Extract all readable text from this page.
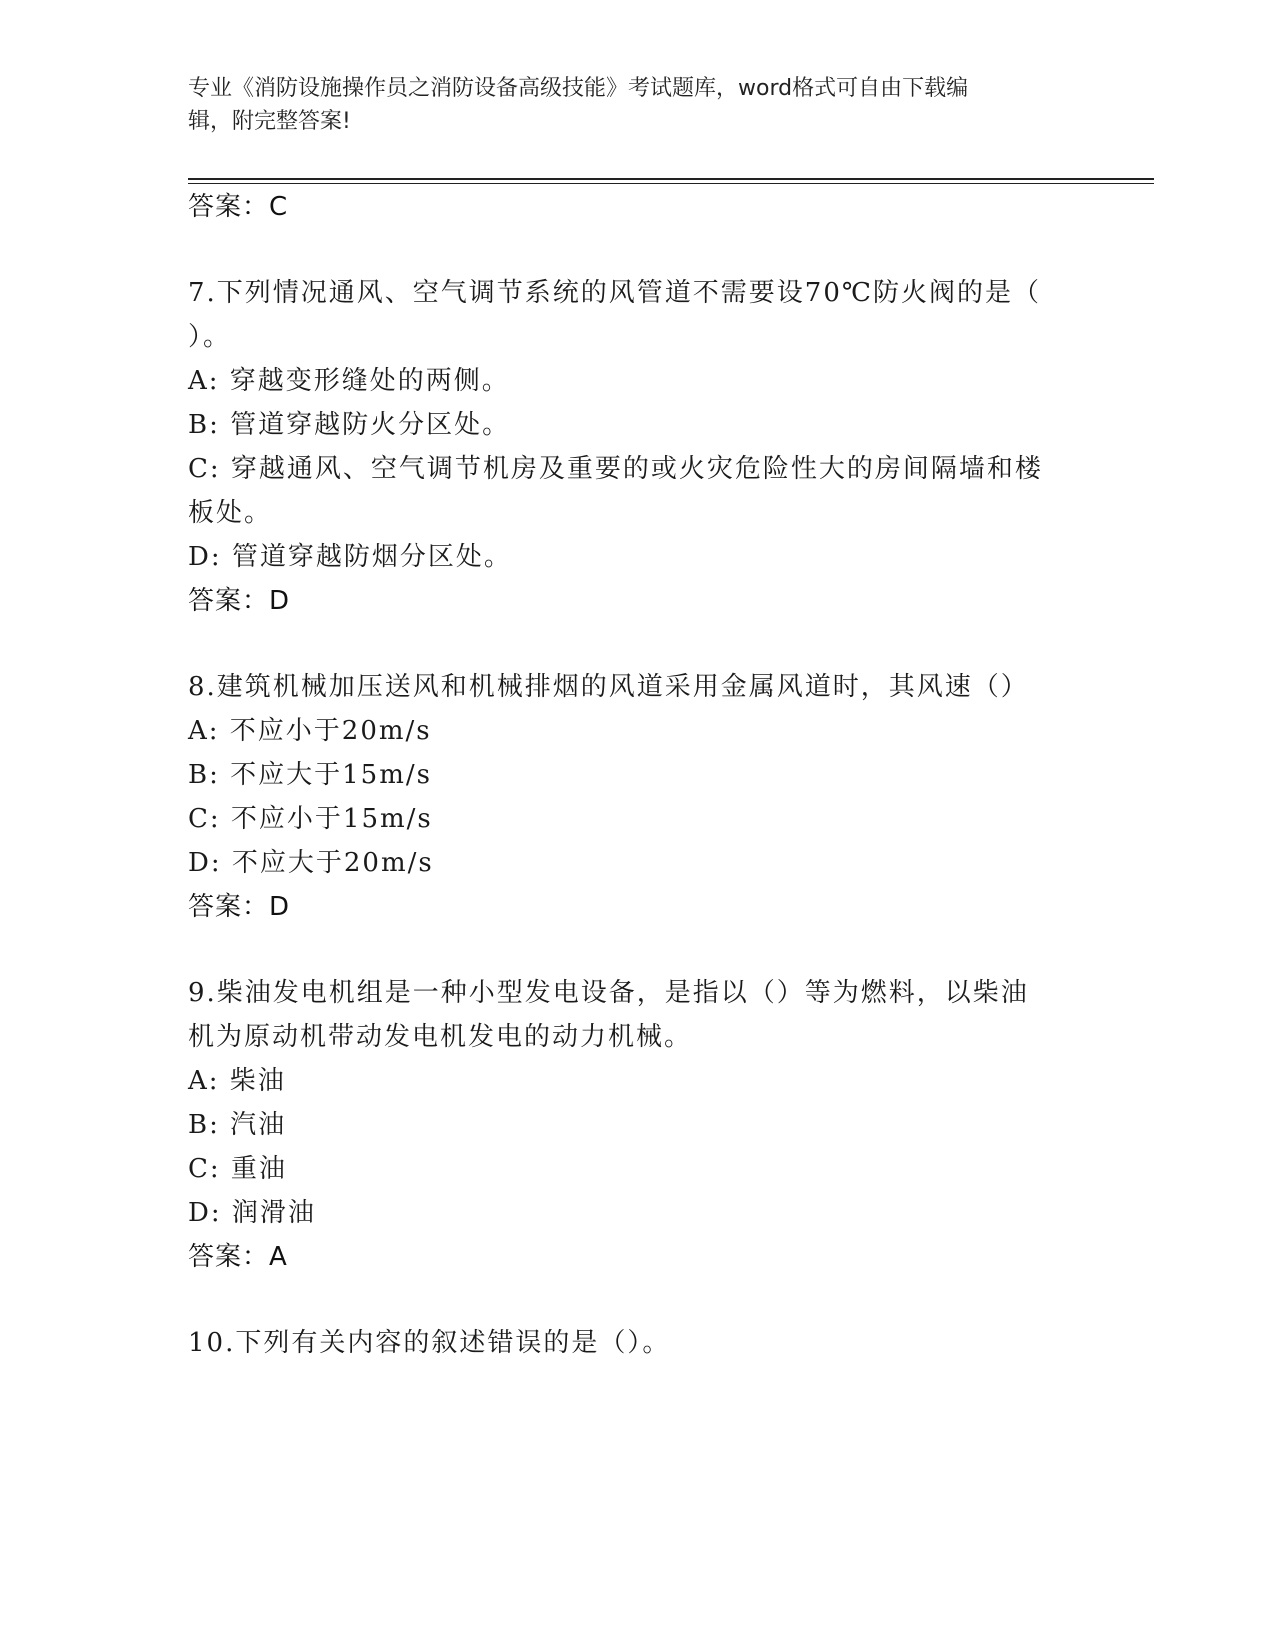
专业《消防设施操作员之消防设备高级技能》考试题库，word格式可自由下载编
辑，附完整答案!
答案：C
7.下列情况通风、空气调节系统的风管道不需要设70℃防火阀的是（
）。
A: 穿越变形缝处的两侧。
B: 管道穿越防火分区处。
C: 穿越通风、空气调节机房及重要的或火灾危险性大的房间隔墙和楼
板处。
D: 管道穿越防烟分区处。
答案：D
8.建筑机械加压送风和机械排烟的风道采用金属风道时，其风速（）
A: 不应小于20m/s
B: 不应大于15m/s
C: 不应小于15m/s
D: 不应大于20m/s
答案：D
9.柴油发电机组是一种小型发电设备，是指以（）等为燃料，以柴油
机为原动机带动发电机发电的动力机械。
A: 柴油
B: 汽油
C: 重油
D: 润滑油
答案：A
10.下列有关内容的叙述错误的是（）。
